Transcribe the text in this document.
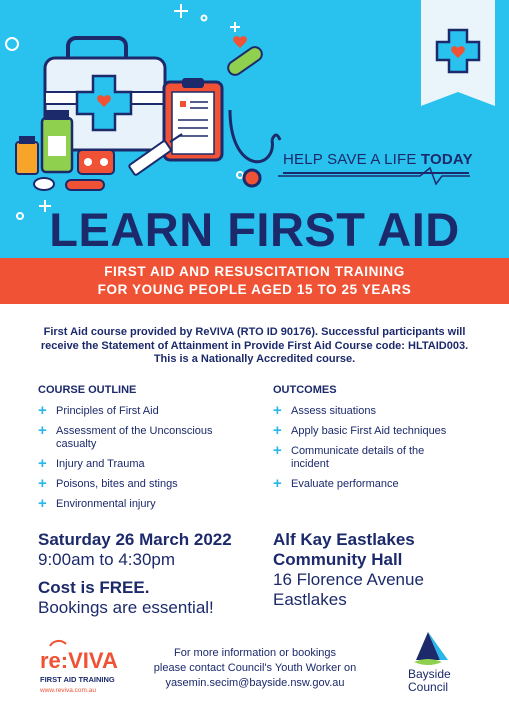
HELP SAVE A LIFE TODAY
LEARN FIRST AID
FIRST AID AND RESUSCITATION TRAINING
FOR YOUNG PEOPLE AGED 15 TO 25 YEARS
First Aid course provided by ReVIVA (RTO ID 90176). Successful participants will receive the Statement of Attainment in Provide First Aid Course code: HLTAID003. This is a Nationally Accredited course.
COURSE OUTLINE
+ Principles of First Aid
+ Assessment of the Unconscious casualty
+ Injury and Trauma
+ Poisons, bites and stings
+ Environmental injury
OUTCOMES
+ Assess situations
+ Apply basic First Aid techniques
+ Communicate details of the incident
+ Evaluate performance
Saturday 26 March 2022
9:00am to 4:30pm
Cost is FREE.
Bookings are essential!
Alf Kay Eastlakes
Community Hall
16 Florence Avenue
Eastlakes
re:VIVA
FIRST AID TRAINING
www.reviva.com.au
For more information or bookings
please contact Council's Youth Worker on
yasemin.secim@bayside.nsw.gov.au
Bayside
Council
